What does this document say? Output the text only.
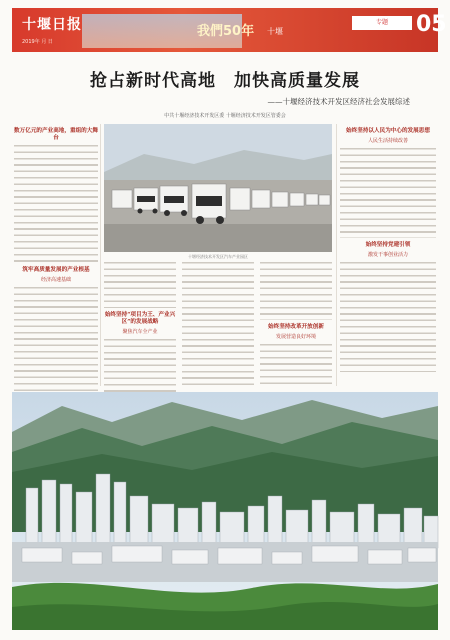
十堰日报
2019年 月 日
我們50年 十堰
专题	05
抢占新时代高地　加快高质量发展
——十堰经济技术开发区经济社会发展综述
中共十堰经济技术开发区委 十堰经济技术开发区管委会
数万亿元的产业高地，重组的大舞台
筑牢高质量发展的产业根基
经济高速基础
十堰经济技术开发区汽车产业园区
始终坚持“项目为王、产业兴区”的发展战略
聚焦汽车全产业
始终坚持改革开放创新
发展营造良好环境
始终坚持以人民为中心的发展思想
人民生活持续改善
始终坚持党建引领
激发干事创业活力
